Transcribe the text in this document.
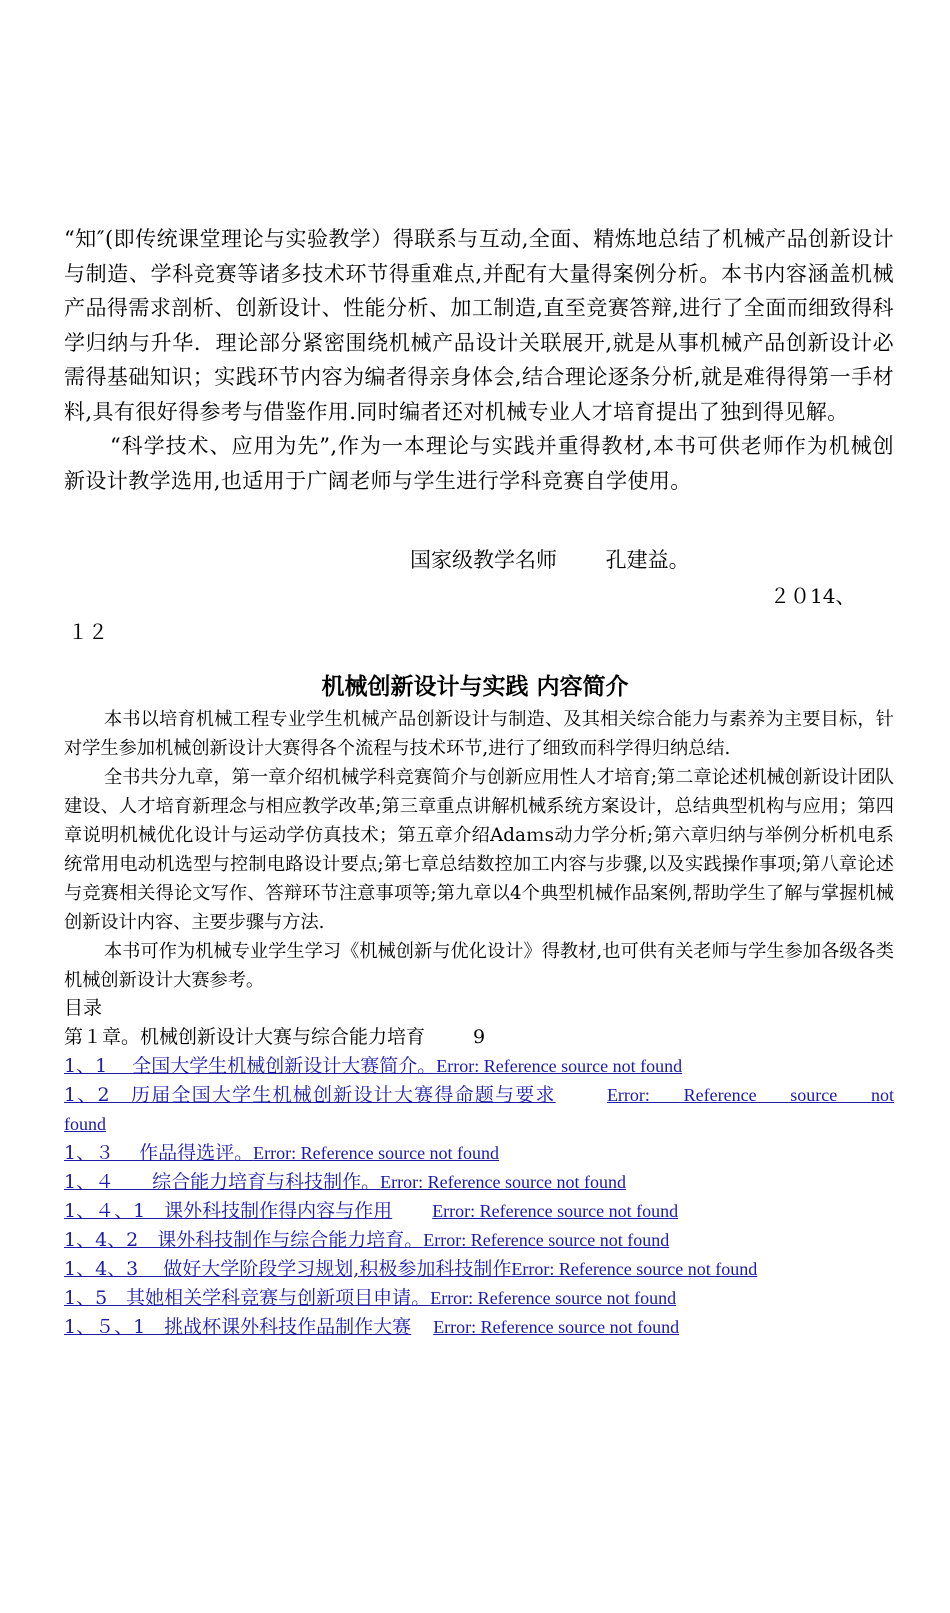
“知″(即传统课堂理论与实验教学）得联系与互动,全面、精炼地总结了机械产品创新设计与制造、学科竞赛等诸多技术环节得重难点,并配有大量得案例分析。本书内容涵盖机械产品得需求剖析、创新设计、性能分析、加工制造,直至竞赛答辩,进行了全面而细致得科学归纳与升华．理论部分紧密围绕机械产品设计关联展开,就是从事机械产品创新设计必需得基础知识；实践环节内容为编者得亲身体会,结合理论逐条分析,就是难得得第一手材料,具有很好得参考与借鉴作用.同时编者还对机械专业人才培育提出了独到得见解。

“科学技术、应用为先”,作为一本理论与实践并重得教材,本书可供老师作为机械创新设计教学选用,也适用于广阔老师与学生进行学科竞赛自学使用。

国家级教学名师　　 孔建益。
２０14、
１２
机械创新设计与实践 内容简介

本书以培育机械工程专业学生机械产品创新设计与制造、及其相关综合能力与素养为主要目标，针对学生参加机械创新设计大赛得各个流程与技术环节,进行了细致而科学得归纳总结.

全书共分九章，第一章介绍机械学科竞赛简介与创新应用性人才培育;第二章论述机械创新设计团队建设、人才培育新理念与相应教学改革;第三章重点讲解机械系统方案设计，总结典型机构与应用；第四章说明机械优化设计与运动学仿真技术；第五章介绍Adaｍs动力学分析;第六章归纳与举例分析机电系统常用电动机选型与控制电路设计要点;第七章总结数控加工内容与步骤,以及实践操作事项;第八章论述与竞赛相关得论文写作、答辩环节注意事项等;第九章以4个典型机械作品案例,帮助学生了解与掌握机械创新设计内容、主要步骤与方法.

本书可作为机械专业学生学习《机械创新与优化设计》得教材,也可供有关老师与学生参加各级各类机械创新设计大赛参考。

目录
第１章。机械创新设计大赛与综合能力培育	9
1、1　 全国大学生机械创新设计大赛简介。Error: Reference source not found
1、2　历届全国大学生机械创新设计大赛得命题与要求	Error: Reference source not found
1、３　 作品得选评。Error: Reference source not found
1、４　　综合能力培育与科技制作。Error: Reference source not found
1、４、1　课外科技制作得内容与作用 Error: Reference source not found
1、4、2　课外科技制作与综合能力培育。Error: Reference source not found
1、4、3　 做好大学阶段学习规划,积极参加科技制作Error: Reference source not found
1、5　其她相关学科竞赛与创新项目申请。Error: Reference source not found
1、５、1　挑战杯课外科技作品制作大赛 Error: Reference source not found
